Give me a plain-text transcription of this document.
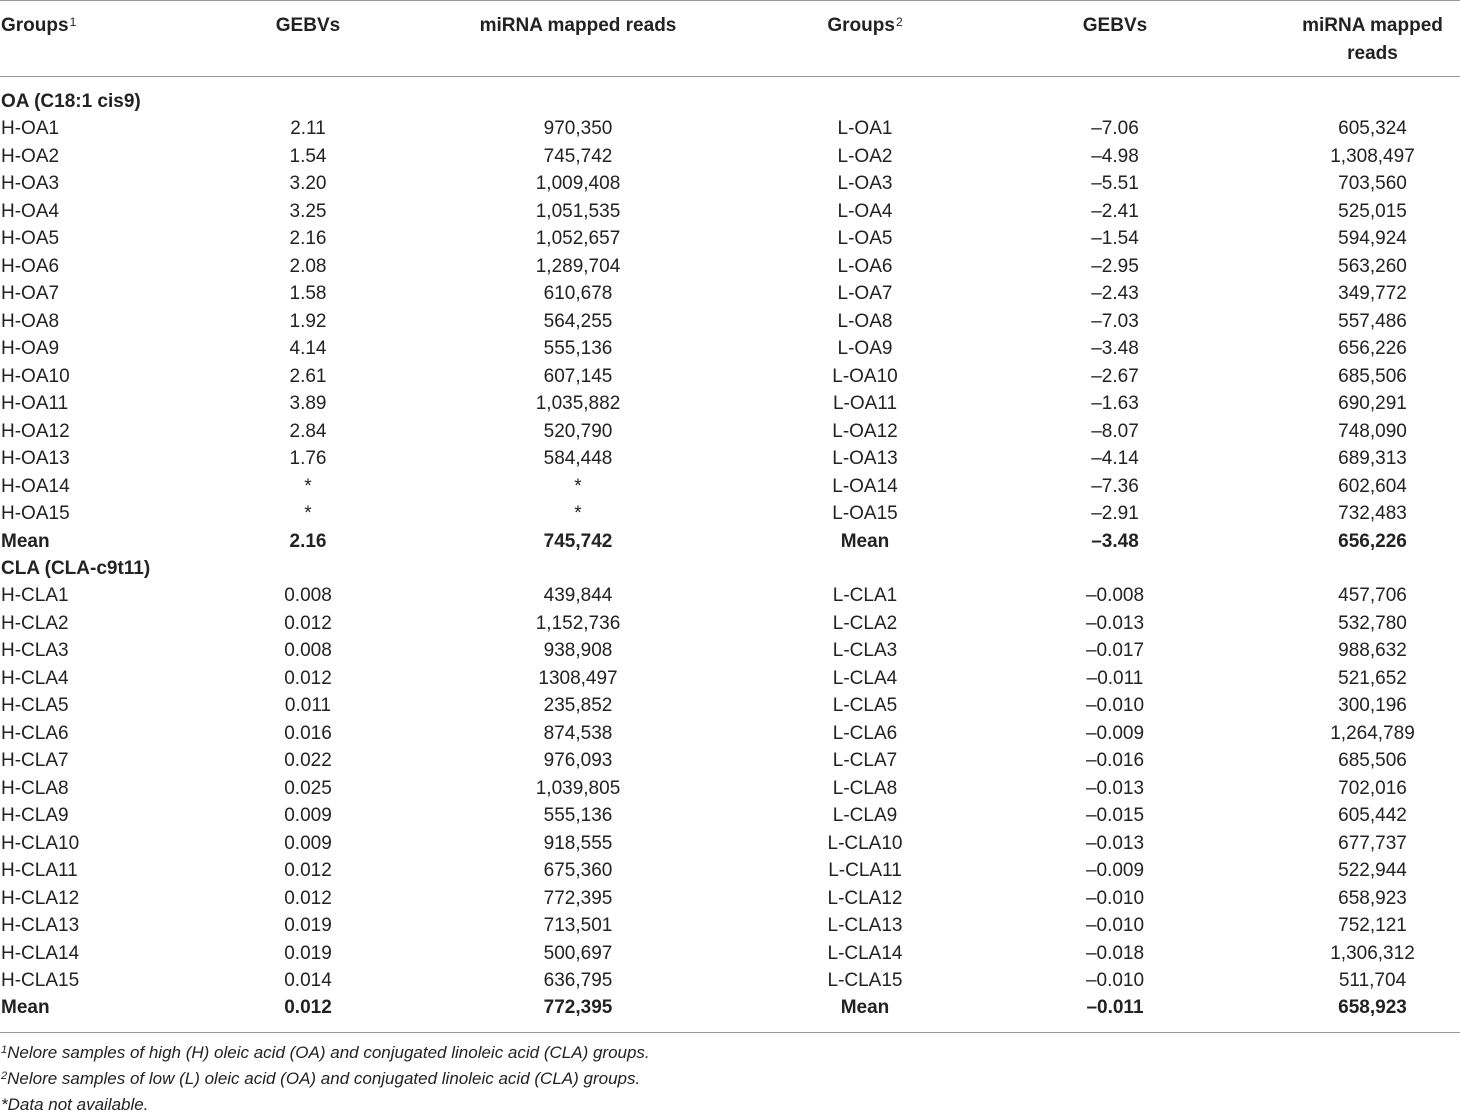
Groups$^1$	GEBVs	miRNA mapped reads	Groups$^2$	GEBVs	miRNA mapped
reads
OA (C18:1 cis9)
H-OA1	2.11	970,350	L-OA1	–7.06	605,324
H-OA2	1.54	745,742	L-OA2	–4.98	1,308,497
H-OA3	3.20	1,009,408	L-OA3	–5.51	703,560
H-OA4	3.25	1,051,535	L-OA4	–2.41	525,015
H-OA5	2.16	1,052,657	L-OA5	–1.54	594,924
H-OA6	2.08	1,289,704	L-OA6	–2.95	563,260
H-OA7	1.58	610,678	L-OA7	–2.43	349,772
H-OA8	1.92	564,255	L-OA8	–7.03	557,486
H-OA9	4.14	555,136	L-OA9	–3.48	656,226
H-OA10	2.61	607,145	L-OA10	–2.67	685,506
H-OA11	3.89	1,035,882	L-OA11	–1.63	690,291
H-OA12	2.84	520,790	L-OA12	–8.07	748,090
H-OA13	1.76	584,448	L-OA13	–4.14	689,313
H-OA14	*	*	L-OA14	–7.36	602,604
H-OA15	*	*	L-OA15	–2.91	732,483
Mean	2.16	745,742	Mean	–3.48	656,226
CLA (CLA-c9t11)
H-CLA1	0.008	439,844	L-CLA1	–0.008	457,706
H-CLA2	0.012	1,152,736	L-CLA2	–0.013	532,780
H-CLA3	0.008	938,908	L-CLA3	–0.017	988,632
H-CLA4	0.012	1308,497	L-CLA4	–0.011	521,652
H-CLA5	0.011	235,852	L-CLA5	–0.010	300,196
H-CLA6	0.016	874,538	L-CLA6	–0.009	1,264,789
H-CLA7	0.022	976,093	L-CLA7	–0.016	685,506
H-CLA8	0.025	1,039,805	L-CLA8	–0.013	702,016
H-CLA9	0.009	555,136	L-CLA9	–0.015	605,442
H-CLA10	0.009	918,555	L-CLA10	–0.013	677,737
H-CLA11	0.012	675,360	L-CLA11	–0.009	522,944
H-CLA12	0.012	772,395	L-CLA12	–0.010	658,923
H-CLA13	0.019	713,501	L-CLA13	–0.010	752,121
H-CLA14	0.019	500,697	L-CLA14	–0.018	1,306,312
H-CLA15	0.014	636,795	L-CLA15	–0.010	511,704
Mean	0.012	772,395	Mean	–0.011	658,923
$^1$Nelore samples of high (H) oleic acid (OA) and conjugated linoleic acid (CLA) groups.
$^2$Nelore samples of low (L) oleic acid (OA) and conjugated linoleic acid (CLA) groups.
*Data not available.
